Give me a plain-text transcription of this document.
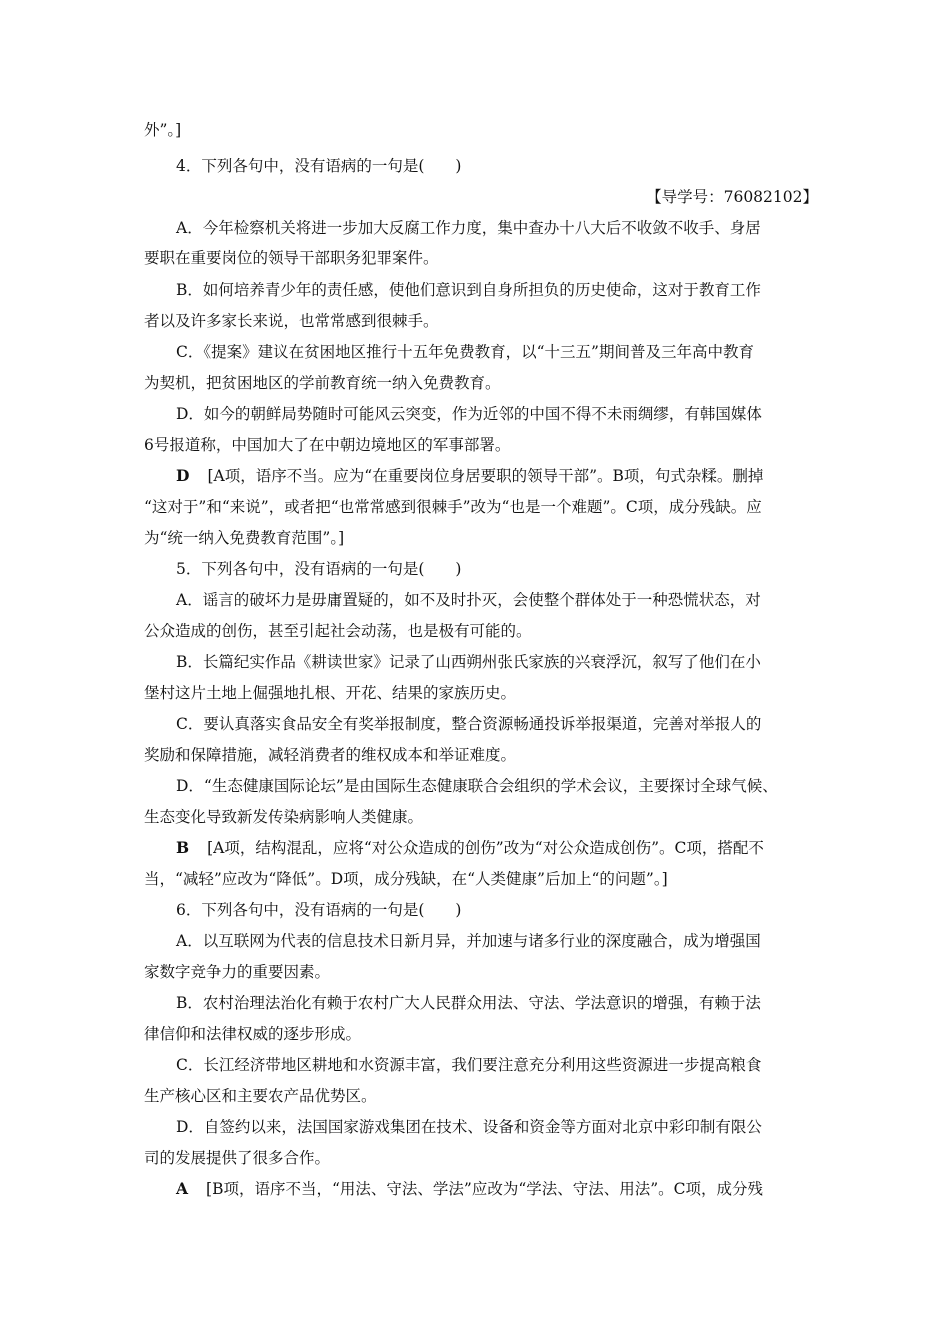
外”。]
4．下列各句中，没有语病的一句是(　　)
【导学号：76082102】
A．今年检察机关将进一步加大反腐工作力度，集中查办十八大后不收敛不收手、身居
要职在重要岗位的领导干部职务犯罪案件。
B．如何培养青少年的责任感，使他们意识到自身所担负的历史使命，这对于教育工作
者以及许多家长来说，也常常感到很棘手。
C．《提案》建议在贫困地区推行十五年免费教育，以“十三五”期间普及三年高中教育
为契机，把贫困地区的学前教育统一纳入免费教育。
D．如今的朝鲜局势随时可能风云突变，作为近邻的中国不得不未雨绸缪，有韩国媒体
6号报道称，中国加大了在中朝边境地区的军事部署。
D [A项，语序不当。应为“在重要岗位身居要职的领导干部”。B项，句式杂糅。删掉
“这对于”和“来说”，或者把“也常常感到很棘手”改为“也是一个难题”。C项，成分残缺。应
为“统一纳入免费教育范围”。]
5．下列各句中，没有语病的一句是(　　)
A．谣言的破坏力是毋庸置疑的，如不及时扑灭，会使整个群体处于一种恐慌状态，对
公众造成的创伤，甚至引起社会动荡，也是极有可能的。
B．长篇纪实作品《耕读世家》记录了山西朔州张氏家族的兴衰浮沉，叙写了他们在小
堡村这片土地上倔强地扎根、开花、结果的家族历史。
C．要认真落实食品安全有奖举报制度，整合资源畅通投诉举报渠道，完善对举报人的
奖励和保障措施，减轻消费者的维权成本和举证难度。
D．“生态健康国际论坛”是由国际生态健康联合会组织的学术会议，主要探讨全球气候、
生态变化导致新发传染病影响人类健康。
B [A项，结构混乱，应将“对公众造成的创伤”改为“对公众造成创伤”。C项，搭配不
当，“减轻”应改为“降低”。D项，成分残缺，在“人类健康”后加上“的问题”。]
6．下列各句中，没有语病的一句是(　　)
A．以互联网为代表的信息技术日新月异，并加速与诸多行业的深度融合，成为增强国
家数字竞争力的重要因素。
B．农村治理法治化有赖于农村广大人民群众用法、守法、学法意识的增强，有赖于法
律信仰和法律权威的逐步形成。
C．长江经济带地区耕地和水资源丰富，我们要注意充分利用这些资源进一步提高粮食
生产核心区和主要农产品优势区。
D．自签约以来，法国国家游戏集团在技术、设备和资金等方面对北京中彩印制有限公
司的发展提供了很多合作。
A [B项，语序不当，“用法、守法、学法”应改为“学法、守法、用法”。C项，成分残
